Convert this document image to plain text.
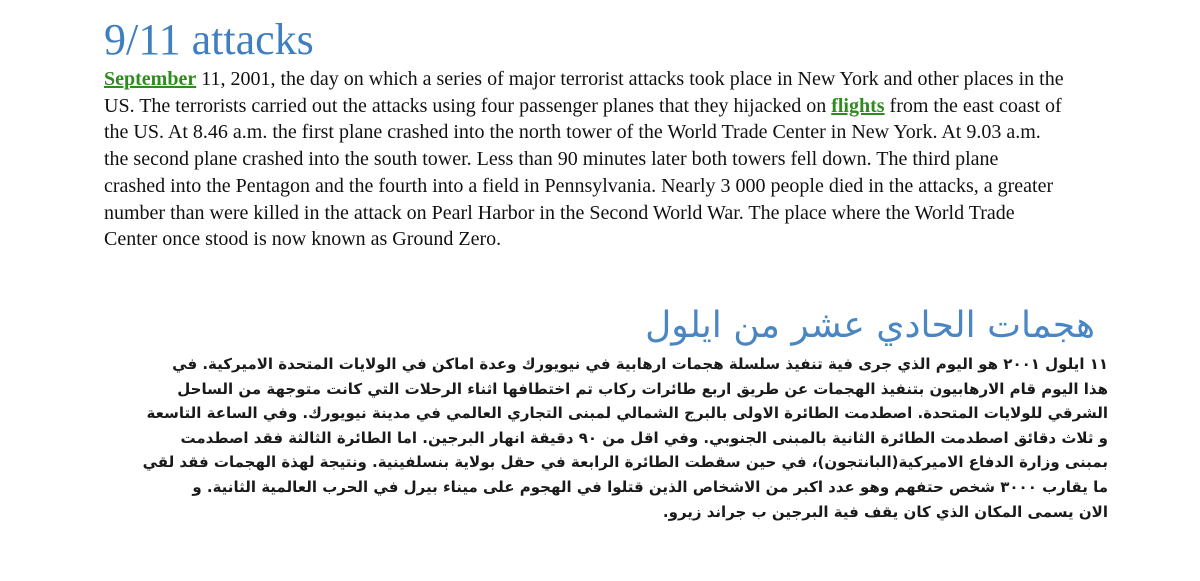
9/11 attacks

September 11, 2001, the day on which a series of major terrorist attacks took place in New York and other places in the US. The terrorists carried out the attacks using four passenger planes that they hijacked on flights from the east coast of the US. At 8.46 a.m. the first plane crashed into the north tower of the World Trade Center in New York. At 9.03 a.m. the second plane crashed into the south tower. Less than 90 minutes later both towers fell down. The third plane crashed into the Pentagon and the fourth into a field in Pennsylvania. Nearly 3 000 people died in the attacks, a greater number than were killed in the attack on Pearl Harbor in the Second World War. The place where the World Trade Center once stood is now known as Ground Zero.

هجمات الحادي عشر من ايلول
١١ ايلول ٢٠٠١ هو اليوم الذي جرى فية تنفيذ سلسلة هجمات ارهابية في نيويورك وعدة اماكن في الولايات المتحدة الاميركية. في
هذا اليوم قام الارهابيون بتنفيذ الهجمات عن طريق اربع طائرات ركاب تم اختطافها اثناء الرحلات التي كانت متوجهة من الساحل
الشرقي للولايات المتحدة. اصطدمت الطائرة الاولى بالبرج الشمالي لمبنى التجاري العالمي في مدينة نيويورك. وفي الساعة التاسعة
و ثلاث دقائق اصطدمت الطائرة الثانية بالمبنى الجنوبي. وفي اقل من ٩٠ دقيقة انهار البرجين. اما الطائرة الثالثة فقد اصطدمت
بمبنى وزارة الدفاع الاميركية(البانتجون)، في حين سقطت الطائرة الرابعة في حقل بولاية بنسلفينية. ونتيجة لهذة الهجمات فقد لقي
ما يقارب ٣٠٠٠ شخص حتفهم وهو عدد اكبر من الاشخاص الذين قتلوا في الهجوم على ميناء بيرل في الحرب العالمية الثانية. و
الان يسمى المكان الذي كان يقف فية البرجين ب جراند زيرو.
